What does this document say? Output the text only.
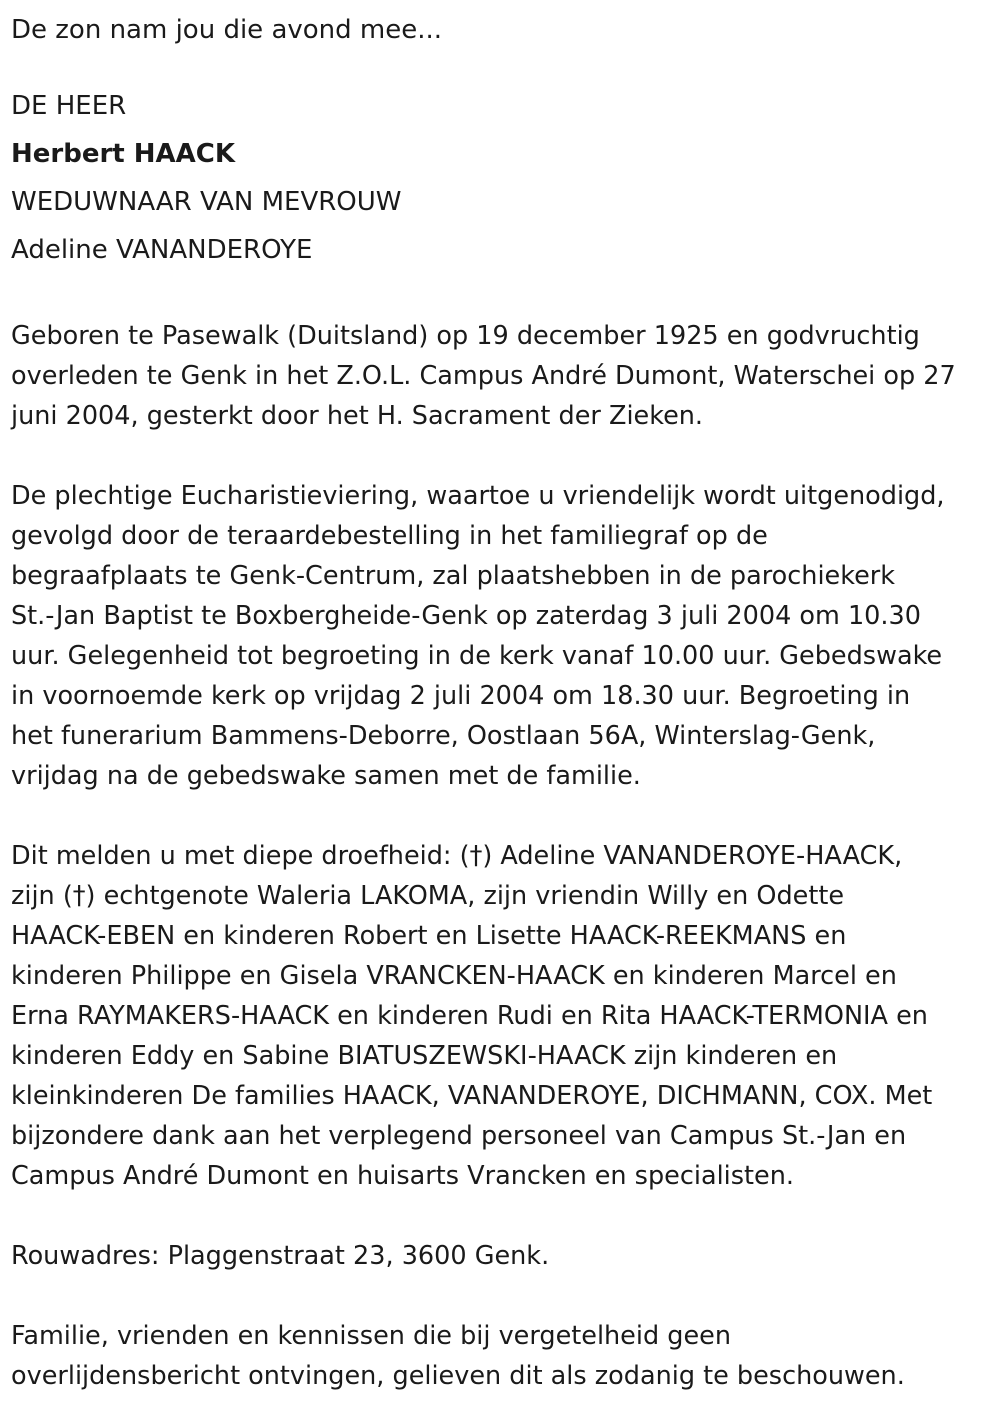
De zon nam jou die avond mee...

DE HEER

Herbert HAACK

WEDUWNAAR VAN MEVROUW

Adeline VANANDEROYE

Geboren te Pasewalk (Duitsland) op 19 december 1925 en godvruchtig
overleden te Genk in het Z.O.L. Campus André Dumont, Waterschei op 27
juni 2004, gesterkt door het H. Sacrament der Zieken.

De plechtige Eucharistieviering, waartoe u vriendelijk wordt uitgenodigd,
gevolgd door de teraardebestelling in het familiegraf op de
begraafplaats te Genk-Centrum, zal plaatshebben in de parochiekerk
St.-Jan Baptist te Boxbergheide-Genk op zaterdag 3 juli 2004 om 10.30
uur. Gelegenheid tot begroeting in de kerk vanaf 10.00 uur. Gebedswake
in voornoemde kerk op vrijdag 2 juli 2004 om 18.30 uur. Begroeting in
het funerarium Bammens-Deborre, Oostlaan 56A, Winterslag-Genk,
vrijdag na de gebedswake samen met de familie.

Dit melden u met diepe droefheid: (†) Adeline VANANDEROYE-HAACK,
zijn (†) echtgenote Waleria LAKOMA, zijn vriendin Willy en Odette
HAACK-EBEN en kinderen Robert en Lisette HAACK-REEKMANS en
kinderen Philippe en Gisela VRANCKEN-HAACK en kinderen Marcel en
Erna RAYMAKERS-HAACK en kinderen Rudi en Rita HAACK-TERMONIA en
kinderen Eddy en Sabine BIATUSZEWSKI-HAACK zijn kinderen en
kleinkinderen De families HAACK, VANANDEROYE, DICHMANN, COX. Met
bijzondere dank aan het verplegend personeel van Campus St.-Jan en
Campus André Dumont en huisarts Vrancken en specialisten.

Rouwadres: Plaggenstraat 23, 3600 Genk.

Familie, vrienden en kennissen die bij vergetelheid geen
overlijdensbericht ontvingen, gelieven dit als zodanig te beschouwen.
